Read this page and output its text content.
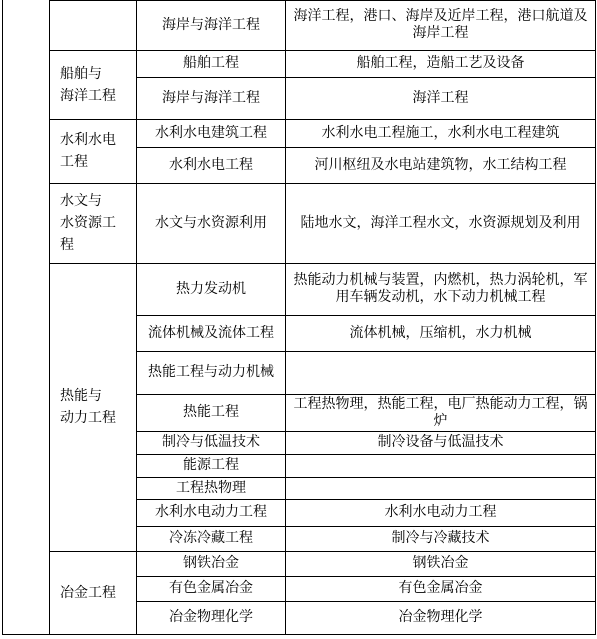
		海岸与海洋工程	海洋工程，港口、海岸及近岸工程，港口航道及海岸工程

	船舶与
海洋工程	船舶工程	船舶工程，造船工艺及设备
		海岸与海洋工程	海洋工程

	水利水电
工程	水利水电建筑工程	水利水电工程施工，水利水电工程建筑
		水利水电工程	河川枢纽及水电站建筑物，水工结构工程

	水文与
水资源工
程	水文与水资源利用	陆地水文，海洋工程水文，水资源规划及利用

	热能与
动力工程	热力发动机	热能动力机械与装置，内燃机，热力涡轮机，军用车辆发动机，水下动力机械工程
		流体机械及流体工程	流体机械，压缩机，水力机械
		热能工程与动力机械	
		热能工程	工程热物理，热能工程，电厂热能动力工程，锅炉
		制冷与低温技术	制冷设备与低温技术
		能源工程	
		工程热物理	
		水利水电动力工程	水利水电动力工程
		冷冻冷藏工程	制冷与冷藏技术

	冶金工程	钢铁冶金	钢铁冶金
		有色金属冶金	有色金属冶金
		冶金物理化学	冶金物理化学
